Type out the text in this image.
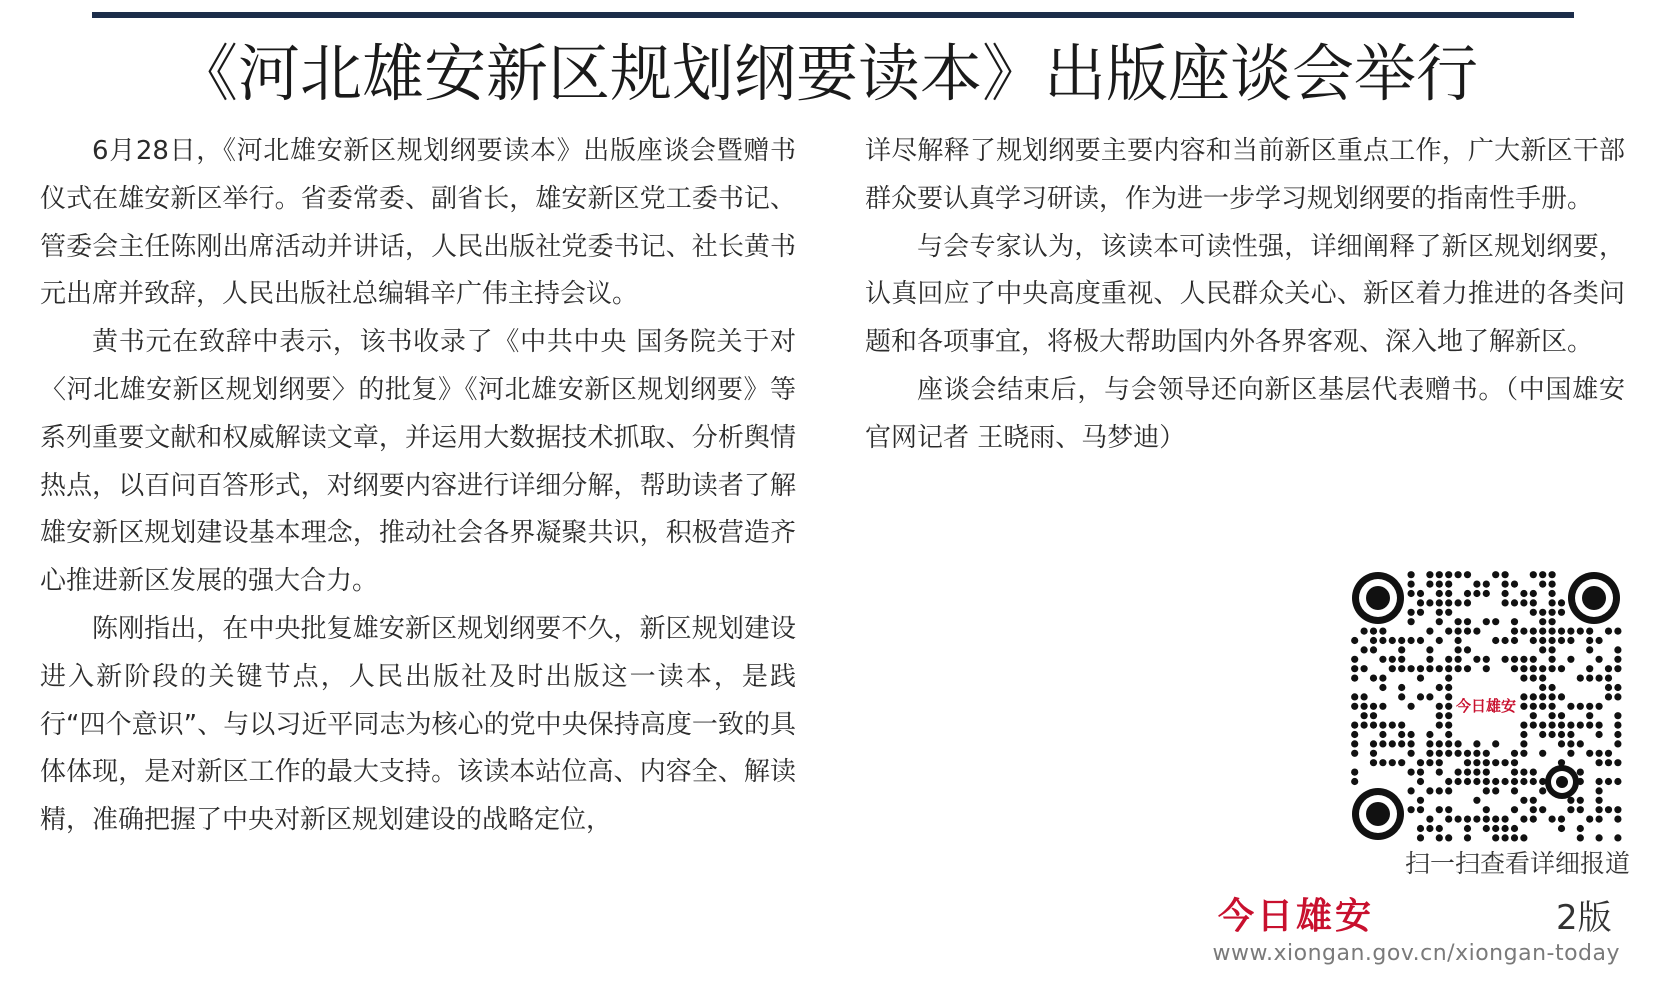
《河北雄安新区规划纲要读本》出版座谈会举行

6月28日，《河北雄安新区规划纲要读本》出版座谈会暨赠书仪式在雄安新区举行。省委常委、副省长，雄安新区党工委书记、管委会主任陈刚出席活动并讲话，人民出版社党委书记、社长黄书元出席并致辞，人民出版社总编辑辛广伟主持会议。

黄书元在致辞中表示，该书收录了《中共中央 国务院关于对〈河北雄安新区规划纲要〉的批复》《河北雄安新区规划纲要》等系列重要文献和权威解读文章，并运用大数据技术抓取、分析舆情热点，以百问百答形式，对纲要内容进行详细分解，帮助读者了解雄安新区规划建设基本理念，推动社会各界凝聚共识，积极营造齐心推进新区发展的强大合力。

陈刚指出，在中央批复雄安新区规划纲要不久，新区规划建设进入新阶段的关键节点，人民出版社及时出版这一读本，是践行“四个意识”、与以习近平同志为核心的党中央保持高度一致的具体体现，是对新区工作的最大支持。该读本站位高、内容全、解读精，准确把握了中央对新区规划建设的战略定位，

详尽解释了规划纲要主要内容和当前新区重点工作，广大新区干部群众要认真学习研读，作为进一步学习规划纲要的指南性手册。

与会专家认为，该读本可读性强，详细阐释了新区规划纲要，认真回应了中央高度重视、人民群众关心、新区着力推进的各类问题和各项事宜，将极大帮助国内外各界客观、深入地了解新区。

座谈会结束后，与会领导还向新区基层代表赠书。（中国雄安官网记者 王晓雨、马梦迪）

今日雄安
扫一扫查看详细报道
今日雄安	2版
www.xiongan.gov.cn/xiongan-today
